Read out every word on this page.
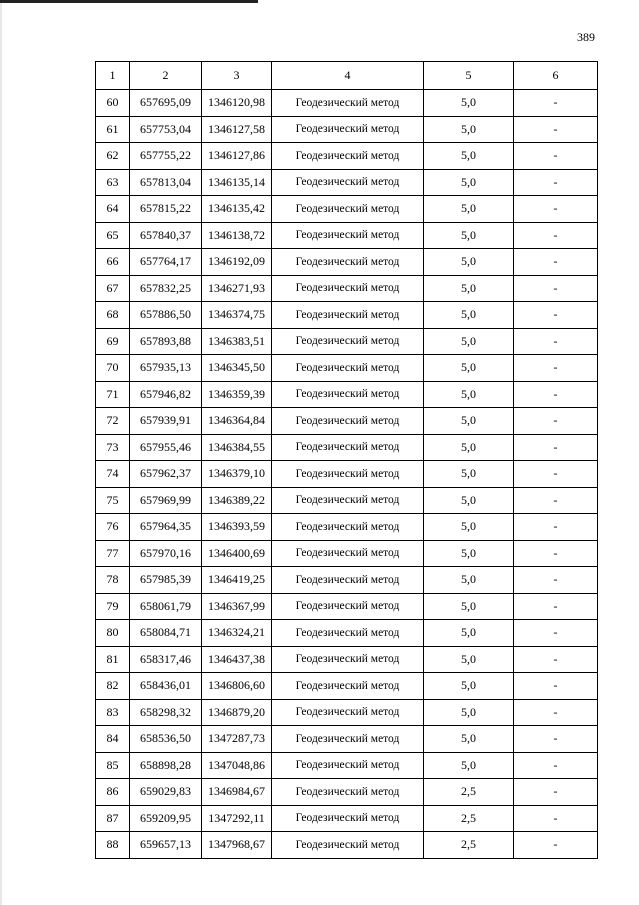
389
1	2	3	4	5	6
60	657695,09	1346120,98	Геодезический метод	5,0	-
61	657753,04	1346127,58	Геодезический метод	5,0	-
62	657755,22	1346127,86	Геодезический метод	5,0	-
63	657813,04	1346135,14	Геодезический метод	5,0	-
64	657815,22	1346135,42	Геодезический метод	5,0	-
65	657840,37	1346138,72	Геодезический метод	5,0	-
66	657764,17	1346192,09	Геодезический метод	5,0	-
67	657832,25	1346271,93	Геодезический метод	5,0	-
68	657886,50	1346374,75	Геодезический метод	5,0	-
69	657893,88	1346383,51	Геодезический метод	5,0	-
70	657935,13	1346345,50	Геодезический метод	5,0	-
71	657946,82	1346359,39	Геодезический метод	5,0	-
72	657939,91	1346364,84	Геодезический метод	5,0	-
73	657955,46	1346384,55	Геодезический метод	5,0	-
74	657962,37	1346379,10	Геодезический метод	5,0	-
75	657969,99	1346389,22	Геодезический метод	5,0	-
76	657964,35	1346393,59	Геодезический метод	5,0	-
77	657970,16	1346400,69	Геодезический метод	5,0	-
78	657985,39	1346419,25	Геодезический метод	5,0	-
79	658061,79	1346367,99	Геодезический метод	5,0	-
80	658084,71	1346324,21	Геодезический метод	5,0	-
81	658317,46	1346437,38	Геодезический метод	5,0	-
82	658436,01	1346806,60	Геодезический метод	5,0	-
83	658298,32	1346879,20	Геодезический метод	5,0	-
84	658536,50	1347287,73	Геодезический метод	5,0	-
85	658898,28	1347048,86	Геодезический метод	5,0	-
86	659029,83	1346984,67	Геодезический метод	2,5	-
87	659209,95	1347292,11	Геодезический метод	2,5	-
88	659657,13	1347968,67	Геодезический метод	2,5	-
